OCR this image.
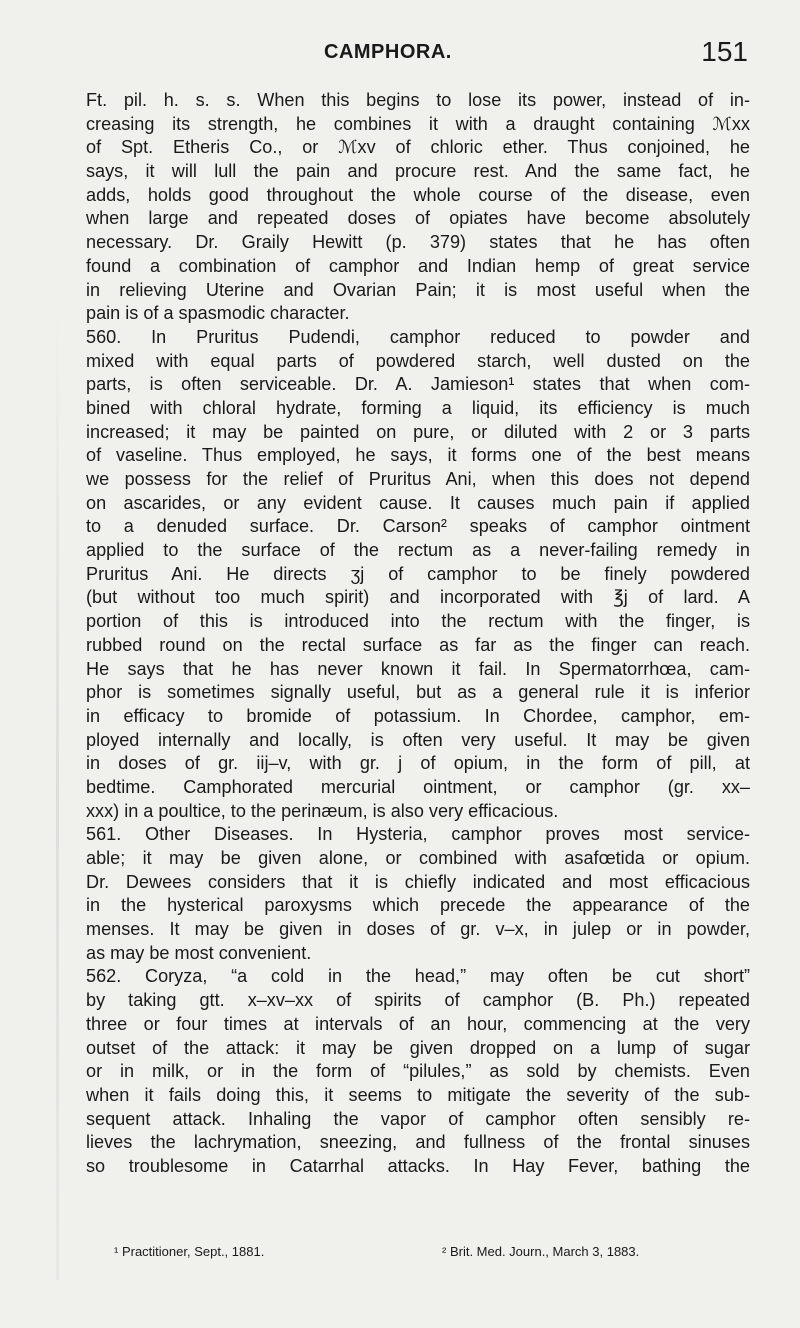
CAMPHORA.	151
Ft. pil. h. s. s. When this begins to lose its power, instead of in-
creasing its strength, he combines it with a draught containing ℳxx
of Spt. Etheris Co., or ℳxv of chloric ether. Thus conjoined, he
says, it will lull the pain and procure rest. And the same fact, he
adds, holds good throughout the whole course of the disease, even
when large and repeated doses of opiates have become absolutely
necessary. Dr. Graily Hewitt (p. 379) states that he has often
found a combination of camphor and Indian hemp of great service
in relieving Uterine and Ovarian Pain; it is most useful when the
pain is of a spasmodic character.
560. In Pruritus Pudendi, camphor reduced to powder and
mixed with equal parts of powdered starch, well dusted on the
parts, is often serviceable. Dr. A. Jamieson¹ states that when com-
bined with chloral hydrate, forming a liquid, its efficiency is much
increased; it may be painted on pure, or diluted with 2 or 3 parts
of vaseline. Thus employed, he says, it forms one of the best means
we possess for the relief of Pruritus Ani, when this does not depend
on ascarides, or any evident cause. It causes much pain if applied
to a denuded surface. Dr. Carson² speaks of camphor ointment
applied to the surface of the rectum as a never-failing remedy in
Pruritus Ani. He directs ʒj of camphor to be finely powdered
(but without too much spirit) and incorporated with ℥j of lard. A
portion of this is introduced into the rectum with the finger, is
rubbed round on the rectal surface as far as the finger can reach.
He says that he has never known it fail. In Spermatorrhœa, cam-
phor is sometimes signally useful, but as a general rule it is inferior
in efficacy to bromide of potassium. In Chordee, camphor, em-
ployed internally and locally, is often very useful. It may be given
in doses of gr. iij–v, with gr. j of opium, in the form of pill, at
bedtime. Camphorated mercurial ointment, or camphor (gr. xx–
xxx) in a poultice, to the perinæum, is also very efficacious.
561. Other Diseases. In Hysteria, camphor proves most service-
able; it may be given alone, or combined with asafœtida or opium.
Dr. Dewees considers that it is chiefly indicated and most efficacious
in the hysterical paroxysms which precede the appearance of the
menses. It may be given in doses of gr. v–x, in julep or in powder,
as may be most convenient.
562. Coryza, “a cold in the head,” may often be cut short”
by taking gtt. x–xv–xx of spirits of camphor (B. Ph.) repeated
three or four times at intervals of an hour, commencing at the very
outset of the attack: it may be given dropped on a lump of sugar
or in milk, or in the form of “pilules,” as sold by chemists. Even
when it fails doing this, it seems to mitigate the severity of the sub-
sequent attack. Inhaling the vapor of camphor often sensibly re-
lieves the lachrymation, sneezing, and fullness of the frontal sinuses
so troublesome in Catarrhal attacks. In Hay Fever, bathing the
¹ Practitioner, Sept., 1881.	² Brit. Med. Journ., March 3, 1883.
